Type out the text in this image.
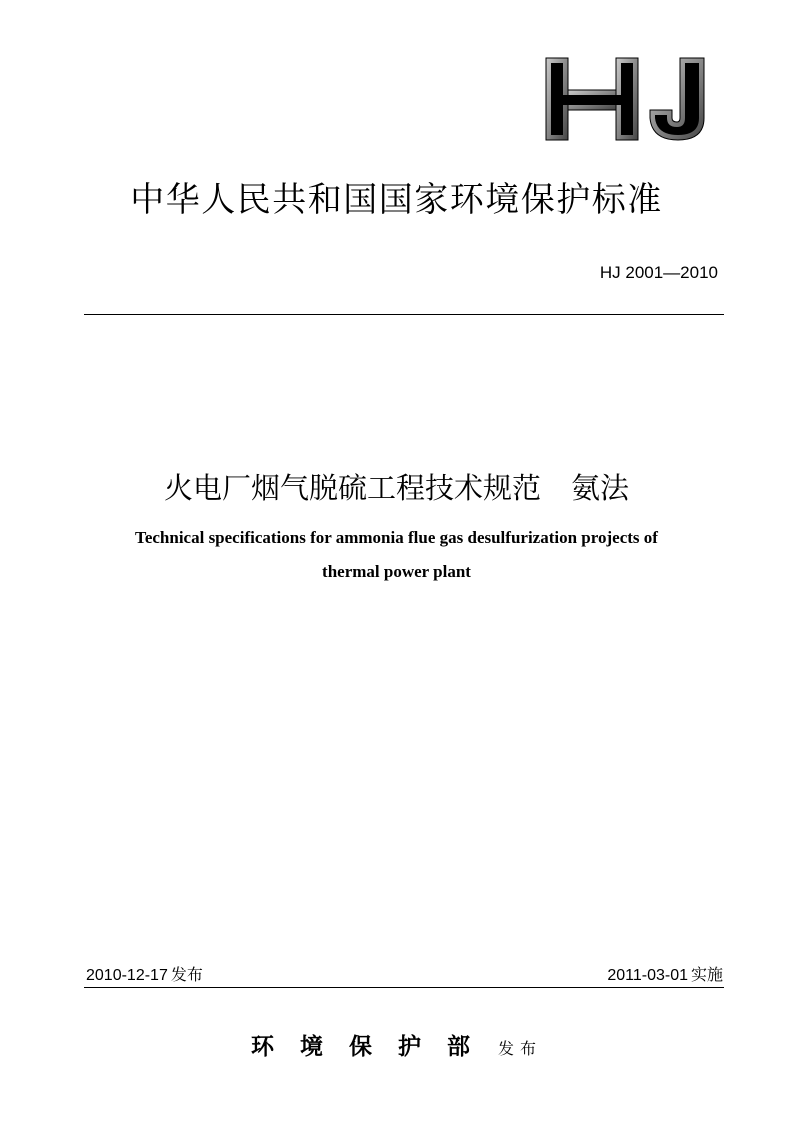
中华人民共和国国家环境保护标准
HJ 2001—2010
火电厂烟气脱硫工程技术规范 氨法
Technical specifications for ammonia flue gas desulfurization projects of
thermal power plant
2010-12-17 发布	2011-03-01 实施
环境保护部 发布
